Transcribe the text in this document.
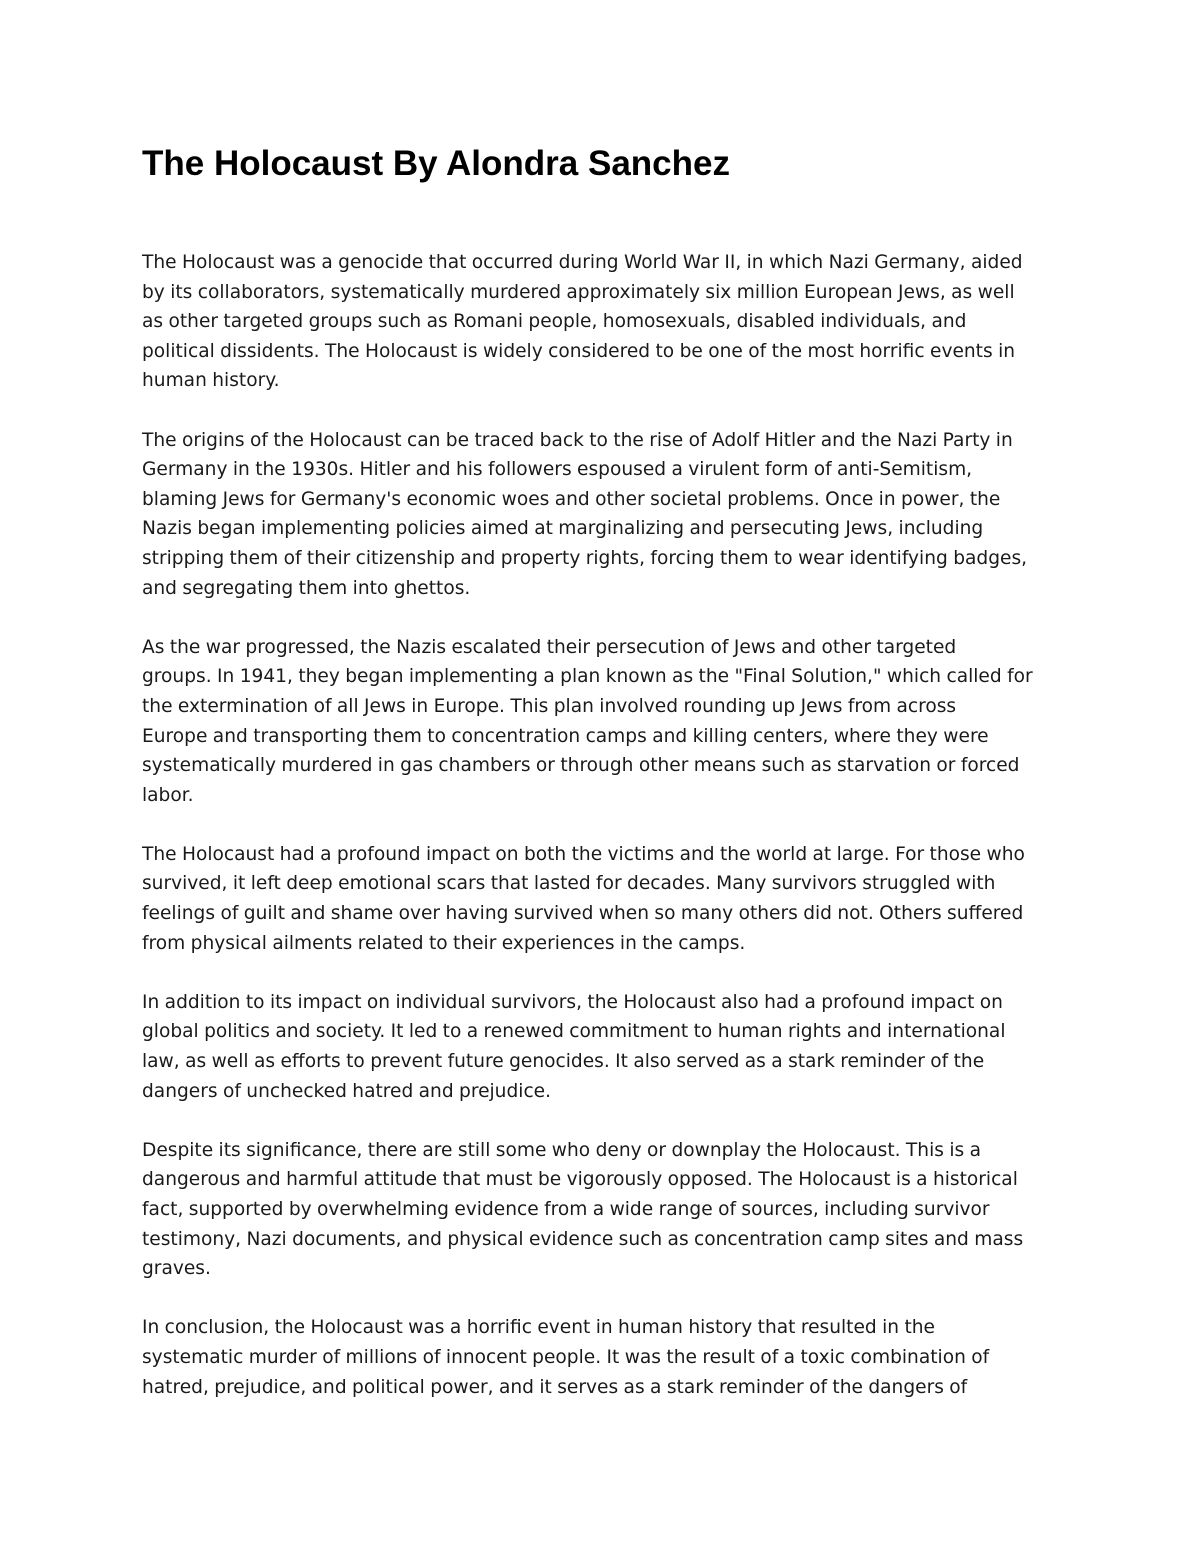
The Holocaust By Alondra Sanchez

The Holocaust was a genocide that occurred during World War II, in which Nazi Germany, aided
by its collaborators, systematically murdered approximately six million European Jews, as well
as other targeted groups such as Romani people, homosexuals, disabled individuals, and
political dissidents. The Holocaust is widely considered to be one of the most horrific events in
human history.

The origins of the Holocaust can be traced back to the rise of Adolf Hitler and the Nazi Party in
Germany in the 1930s. Hitler and his followers espoused a virulent form of anti-Semitism,
blaming Jews for Germany's economic woes and other societal problems. Once in power, the
Nazis began implementing policies aimed at marginalizing and persecuting Jews, including
stripping them of their citizenship and property rights, forcing them to wear identifying badges,
and segregating them into ghettos.

As the war progressed, the Nazis escalated their persecution of Jews and other targeted
groups. In 1941, they began implementing a plan known as the "Final Solution," which called for
the extermination of all Jews in Europe. This plan involved rounding up Jews from across
Europe and transporting them to concentration camps and killing centers, where they were
systematically murdered in gas chambers or through other means such as starvation or forced
labor.

The Holocaust had a profound impact on both the victims and the world at large. For those who
survived, it left deep emotional scars that lasted for decades. Many survivors struggled with
feelings of guilt and shame over having survived when so many others did not. Others suffered
from physical ailments related to their experiences in the camps.

In addition to its impact on individual survivors, the Holocaust also had a profound impact on
global politics and society. It led to a renewed commitment to human rights and international
law, as well as efforts to prevent future genocides. It also served as a stark reminder of the
dangers of unchecked hatred and prejudice.

Despite its significance, there are still some who deny or downplay the Holocaust. This is a
dangerous and harmful attitude that must be vigorously opposed. The Holocaust is a historical
fact, supported by overwhelming evidence from a wide range of sources, including survivor
testimony, Nazi documents, and physical evidence such as concentration camp sites and mass
graves.

In conclusion, the Holocaust was a horrific event in human history that resulted in the
systematic murder of millions of innocent people. It was the result of a toxic combination of
hatred, prejudice, and political power, and it serves as a stark reminder of the dangers of
